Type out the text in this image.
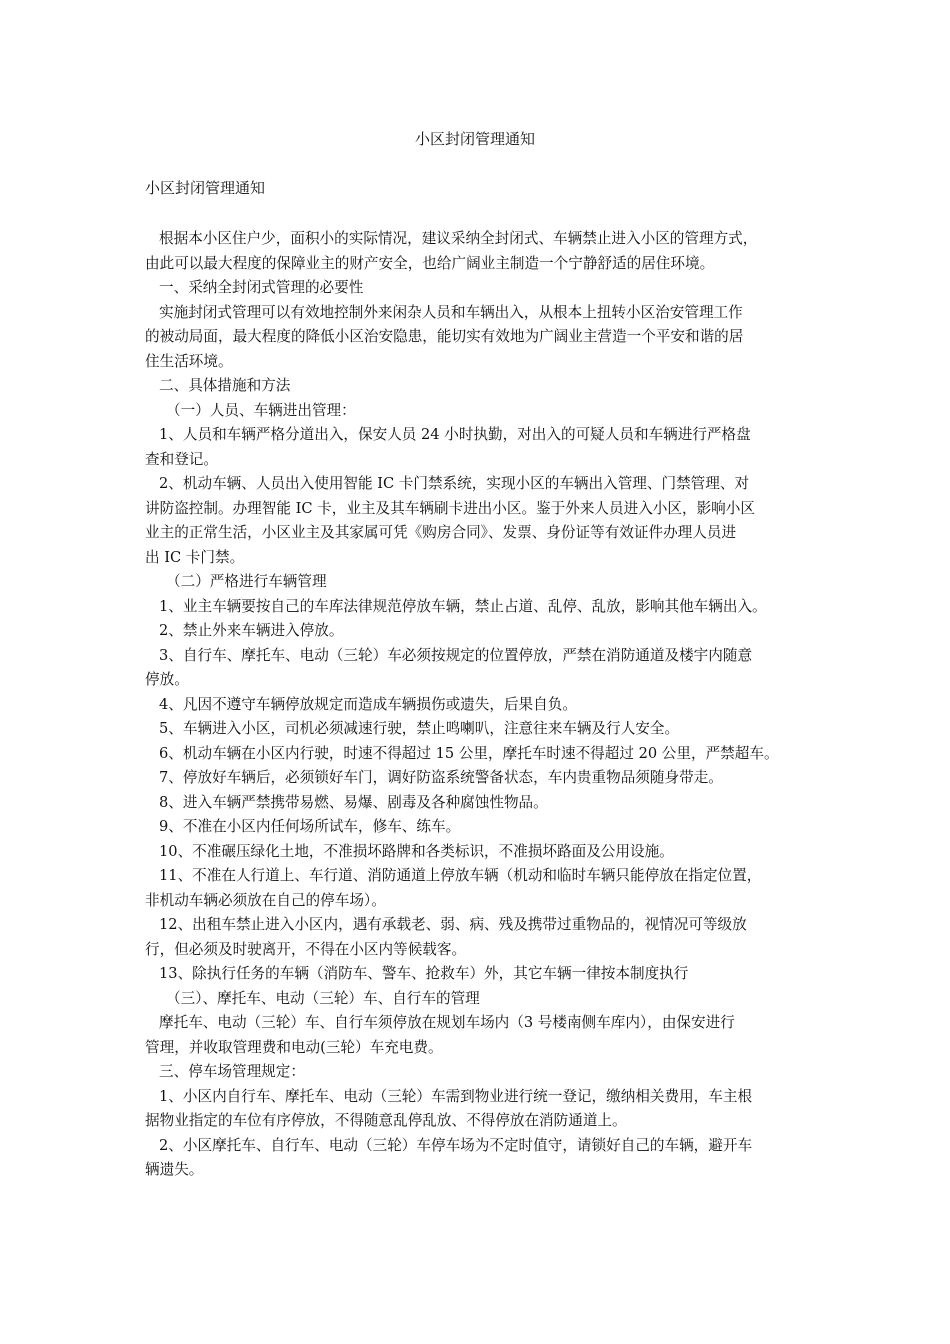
小区封闭管理通知
小区封闭管理通知

根据本小区住户少，面积小的实际情况，建议采纳全封闭式、车辆禁止进入小区的管理方式，

由此可以最大程度的保障业主的财产安全，也给广阔业主制造一个宁静舒适的居住环境。

一、采纳全封闭式管理的必要性

实施封闭式管理可以有效地控制外来闲杂人员和车辆出入，从根本上扭转小区治安管理工作

的被动局面，最大程度的降低小区治安隐患，能切实有效地为广阔业主营造一个平安和谐的居

住生活环境。

二、具体措施和方法

（一）人员、车辆进出管理：

1、人员和车辆严格分道出入，保安人员 24 小时执勤，对出入的可疑人员和车辆进行严格盘

查和登记。

2、机动车辆、人员出入使用智能 IC 卡门禁系统，实现小区的车辆出入管理、门禁管理、对

讲防盗控制。办理智能 IC 卡，业主及其车辆刷卡进出小区。鉴于外来人员进入小区，影响小区

业主的正常生活，小区业主及其家属可凭《购房合同》、发票、身份证等有效证件办理人员进

出 IC 卡门禁。

（二）严格进行车辆管理

1、业主车辆要按自己的车库法律规范停放车辆，禁止占道、乱停、乱放，影响其他车辆出入。

2、禁止外来车辆进入停放。

3、自行车、摩托车、电动（三轮）车必须按规定的位置停放，严禁在消防通道及楼宇内随意

停放。

4、凡因不遵守车辆停放规定而造成车辆损伤或遗失，后果自负。

5、车辆进入小区，司机必须减速行驶，禁止鸣喇叭，注意往来车辆及行人安全。

6、机动车辆在小区内行驶，时速不得超过 15 公里，摩托车时速不得超过 20 公里，严禁超车。

7、停放好车辆后，必须锁好车门，调好防盗系统警备状态，车内贵重物品须随身带走。

8、进入车辆严禁携带易燃、易爆、剧毒及各种腐蚀性物品。

9、不准在小区内任何场所试车，修车、练车。

10、不准碾压绿化土地，不准损坏路牌和各类标识，不准损坏路面及公用设施。

11、不准在人行道上、车行道、消防通道上停放车辆（机动和临时车辆只能停放在指定位置，

非机动车辆必须放在自己的停车场）。

12、出租车禁止进入小区内，遇有承载老、弱、病、残及携带过重物品的，视情况可等级放

行，但必须及时驶离开，不得在小区内等候载客。

13、除执行任务的车辆（消防车、警车、抢救车）外，其它车辆一律按本制度执行

（三）、摩托车、电动（三轮）车、自行车的管理

摩托车、电动（三轮）车、自行车须停放在规划车场内（3 号楼南侧车库内），由保安进行

管理，并收取管理费和电动(三轮）车充电费。

三、停车场管理规定：

1、小区内自行车、摩托车、电动（三轮）车需到物业进行统一登记，缴纳相关费用，车主根

据物业指定的车位有序停放，不得随意乱停乱放、不得停放在消防通道上。

2、小区摩托车、自行车、电动（三轮）车停车场为不定时值守，请锁好自己的车辆，避开车

辆遗失。
